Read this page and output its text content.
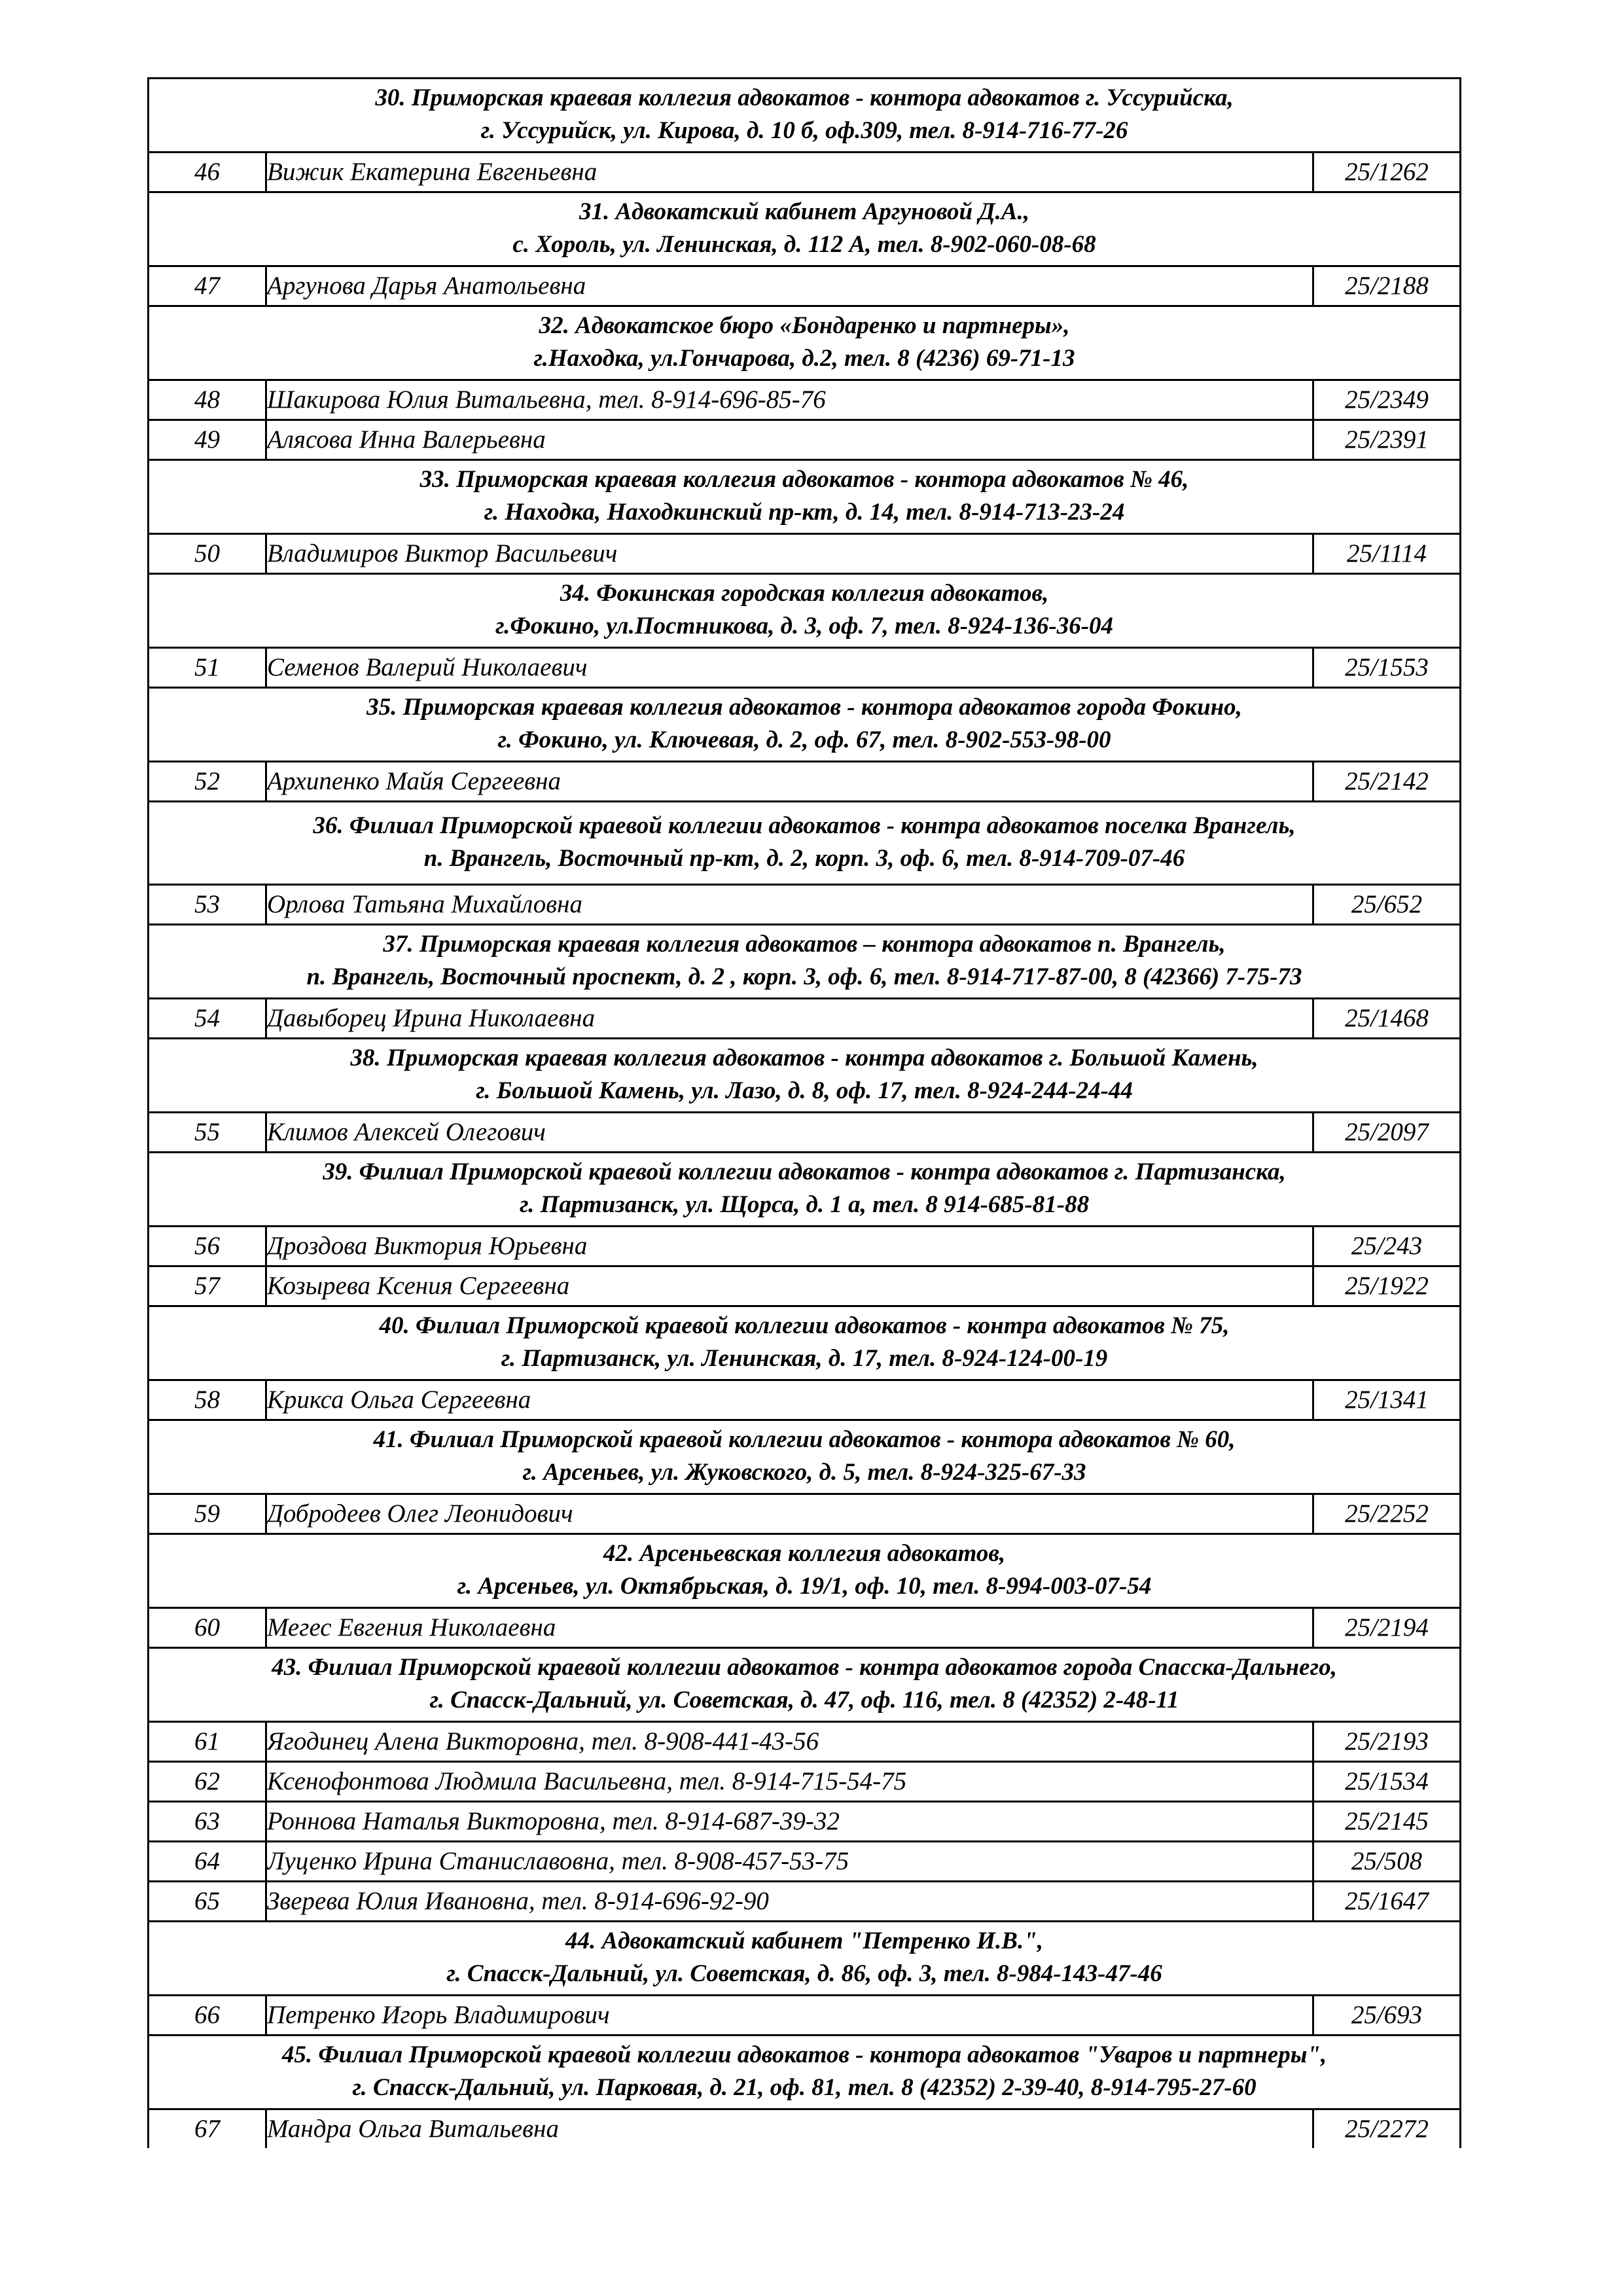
30. Приморская краевая коллегия адвокатов - контора адвокатов г. Уссурийска,
г. Уссурийск, ул. Кирова, д. 10 б, оф.309, тел. 8-914-716-77-26		

46	Вижик Екатерина Евгеньевна	25/1262

31. Адвокатский кабинет Аргуновой Д.А.,
с. Хороль, ул. Ленинская, д. 112 А, тел. 8-902-060-08-68		

47	Аргунова Дарья Анатольевна	25/2188

32. Адвокатское бюро «Бондаренко и партнеры»,
г.Находка, ул.Гончарова, д.2, тел. 8 (4236) 69-71-13		

48	Шакирова Юлия Витальевна, тел. 8-914-696-85-76	25/2349
49	Алясова Инна Валерьевна	25/2391

33. Приморская краевая коллегия адвокатов - контора адвокатов № 46,
г. Находка, Находкинский пр-кт, д. 14, тел. 8-914-713-23-24		

50	Владимиров Виктор Васильевич	25/1114

34. Фокинская городская коллегия адвокатов,
г.Фокино, ул.Постникова, д. 3, оф. 7, тел. 8-924-136-36-04		

51	Семенов Валерий Николаевич	25/1553

35. Приморская краевая коллегия адвокатов - контора адвокатов города Фокино,
г. Фокино, ул. Ключевая, д. 2, оф. 67, тел. 8-902-553-98-00		

52	Архипенко Майя Сергеевна	25/2142

36. Филиал Приморской краевой коллегии адвокатов - контра адвокатов поселка Врангель,
п. Врангель, Восточный пр-кт, д. 2, корп. 3, оф. 6, тел. 8-914-709-07-46		

53	Орлова Татьяна Михайловна	25/652

37. Приморская краевая коллегия адвокатов – контора адвокатов п. Врангель,
п. Врангель, Восточный проспект, д. 2 , корп. 3, оф. 6, тел. 8-914-717-87-00, 8 (42366) 7-75-73		

54	Давыборец Ирина Николаевна	25/1468

38. Приморская краевая коллегия адвокатов - контра адвокатов г. Большой Камень,
г. Большой Камень, ул. Лазо, д. 8, оф. 17, тел. 8-924-244-24-44		

55	Климов Алексей Олегович	25/2097

39. Филиал Приморской краевой коллегии адвокатов - контра адвокатов г. Партизанска,
г. Партизанск, ул. Щорса, д. 1 а, тел. 8 914-685-81-88		

56	Дроздова Виктория Юрьевна	25/243
57	Козырева Ксения Сергеевна	25/1922

40. Филиал Приморской краевой коллегии адвокатов - контра адвокатов № 75,
г. Партизанск, ул. Ленинская, д. 17, тел. 8-924-124-00-19		

58	Крикса Ольга Сергеевна	25/1341

41. Филиал Приморской краевой коллегии адвокатов - контора адвокатов № 60,
г. Арсеньев, ул. Жуковского, д. 5, тел. 8-924-325-67-33		

59	Добродеев Олег Леонидович	25/2252

42. Арсеньевская коллегия адвокатов,
г. Арсеньев, ул. Октябрьская, д. 19/1, оф. 10, тел. 8-994-003-07-54		

60	Мегес Евгения Николаевна	25/2194

43. Филиал Приморской краевой коллегии адвокатов - контра адвокатов города Спасска-Дальнего,
г. Спасск-Дальний, ул. Советская, д. 47, оф. 116, тел. 8 (42352) 2-48-11		

61	Ягодинец Алена Викторовна, тел. 8-908-441-43-56	25/2193
62	Ксенофонтова Людмила Васильевна, тел. 8-914-715-54-75	25/1534
63	Роннова Наталья Викторовна, тел. 8-914-687-39-32	25/2145
64	Луценко Ирина Станиславовна, тел. 8-908-457-53-75	25/508
65	Зверева Юлия Ивановна, тел. 8-914-696-92-90	25/1647

44. Адвокатский кабинет "Петренко И.В.",
г. Спасск-Дальний, ул. Советская, д. 86, оф. 3, тел. 8-984-143-47-46		

66	Петренко Игорь Владимирович	25/693

45. Филиал Приморской краевой коллегии адвокатов - контора адвокатов "Уваров и партнеры",
г. Спасск-Дальний, ул. Парковая, д. 21, оф. 81, тел. 8 (42352) 2-39-40, 8-914-795-27-60		

67	Мандра Ольга Витальевна	25/2272
